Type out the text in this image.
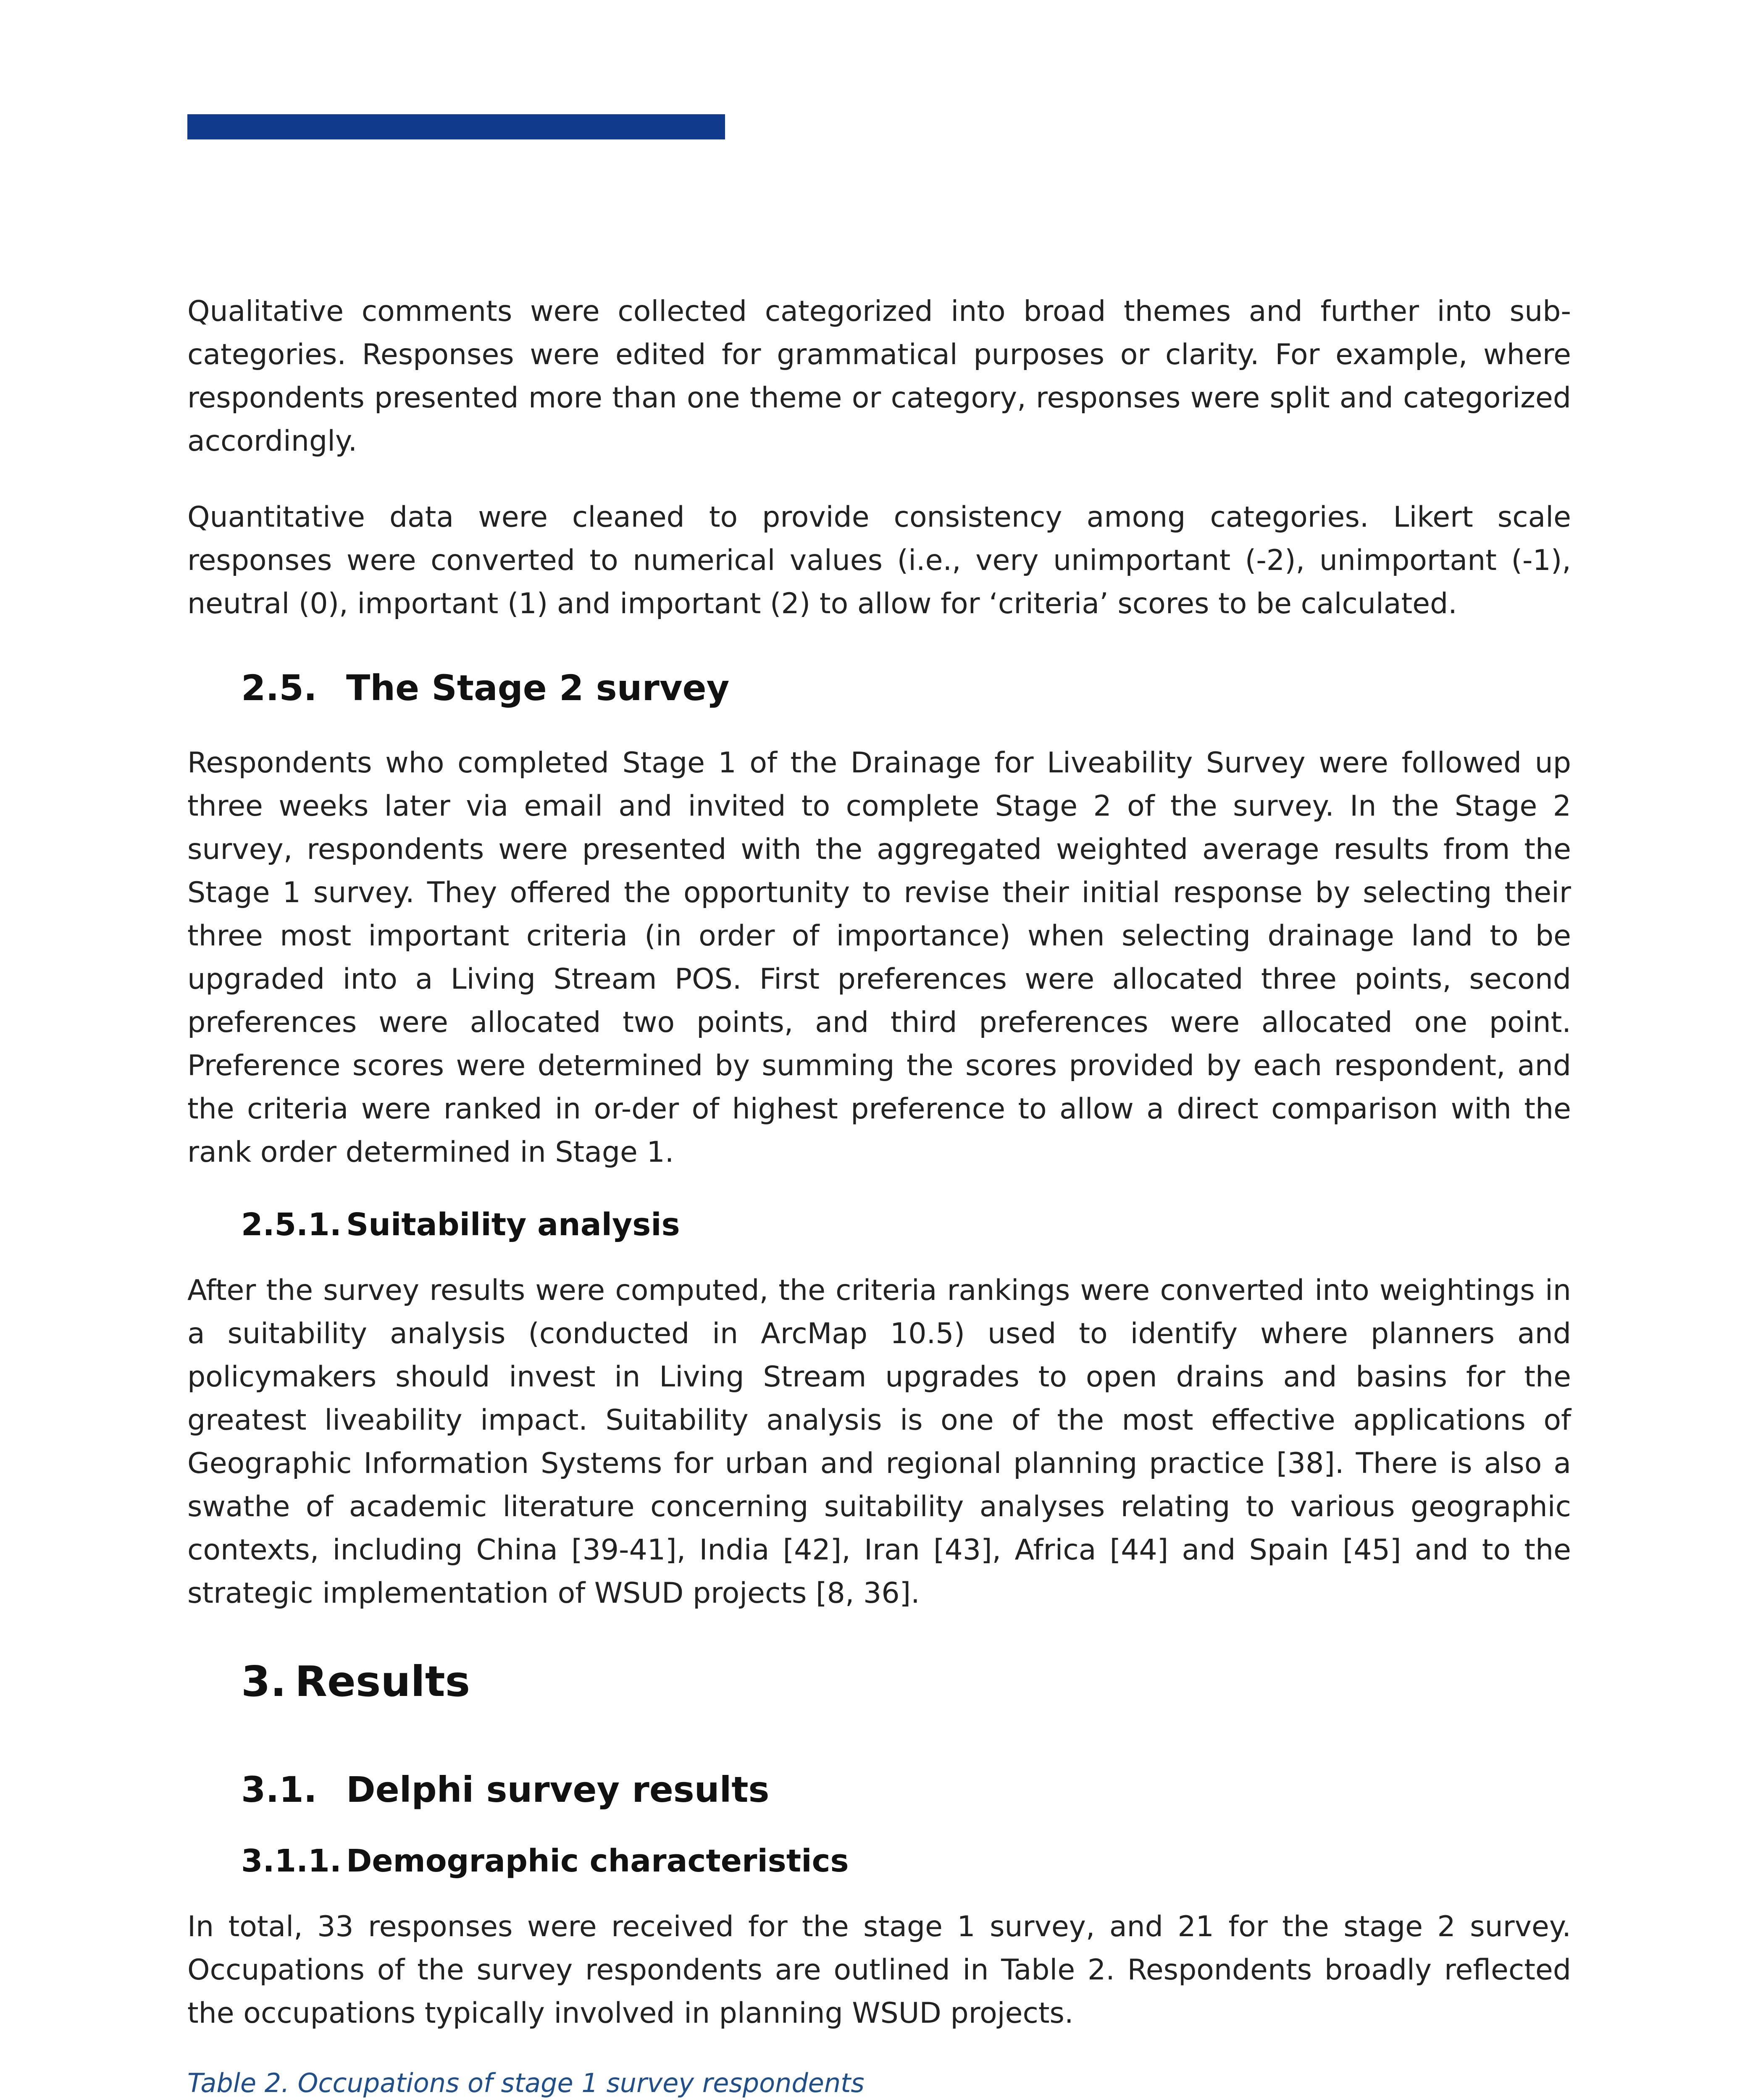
Qualitative comments were collected categorized into broad themes and further into sub-categories. Responses were edited for grammatical purposes or clarity. For example, where respondents presented more than one theme or category, responses were split and categorized accordingly.

Quantitative data were cleaned to provide consistency among categories. Likert scale responses were converted to numerical values (i.e., very unimportant (-2), unimportant (-1), neutral (0), important (1) and important (2) to allow for ‘criteria’ scores to be calculated.

2.5. The Stage 2 survey

Respondents who completed Stage 1 of the Drainage for Liveability Survey were followed up three weeks later via email and invited to complete Stage 2 of the survey. In the Stage 2 survey, respondents were presented with the aggregated weighted average results from the Stage 1 survey. They offered the opportunity to revise their initial response by selecting their three most important criteria (in order of importance) when selecting drainage land to be upgraded into a Living Stream POS. First preferences were allocated three points, second preferences were allocated two points, and third preferences were allocated one point. Preference scores were determined by summing the scores provided by each respondent, and the criteria were ranked in or-der of highest preference to allow a direct comparison with the rank order determined in Stage 1.

2.5.1. Suitability analysis

After the survey results were computed, the criteria rankings were converted into weightings in a suitability analysis (conducted in ArcMap 10.5) used to identify where planners and policymakers should invest in Living Stream upgrades to open drains and basins for the greatest liveability impact. Suitability analysis is one of the most effective applications of Geographic Information Systems for urban and regional planning practice [38]. There is also a swathe of academic literature concerning suitability analyses relating to various geographic contexts, including China [39-41], India [42], Iran [43], Africa [44] and Spain [45] and to the strategic implementation of WSUD projects [8, 36].

3. Results
3.1. Delphi survey results
3.1.1. Demographic characteristics

In total, 33 responses were received for the stage 1 survey, and 21 for the stage 2 survey. Occupations of the survey respondents are outlined in Table 2. Respondents broadly reflected the occupations typically involved in planning WSUD projects.

Table 2. Occupations of stage 1 survey respondents
